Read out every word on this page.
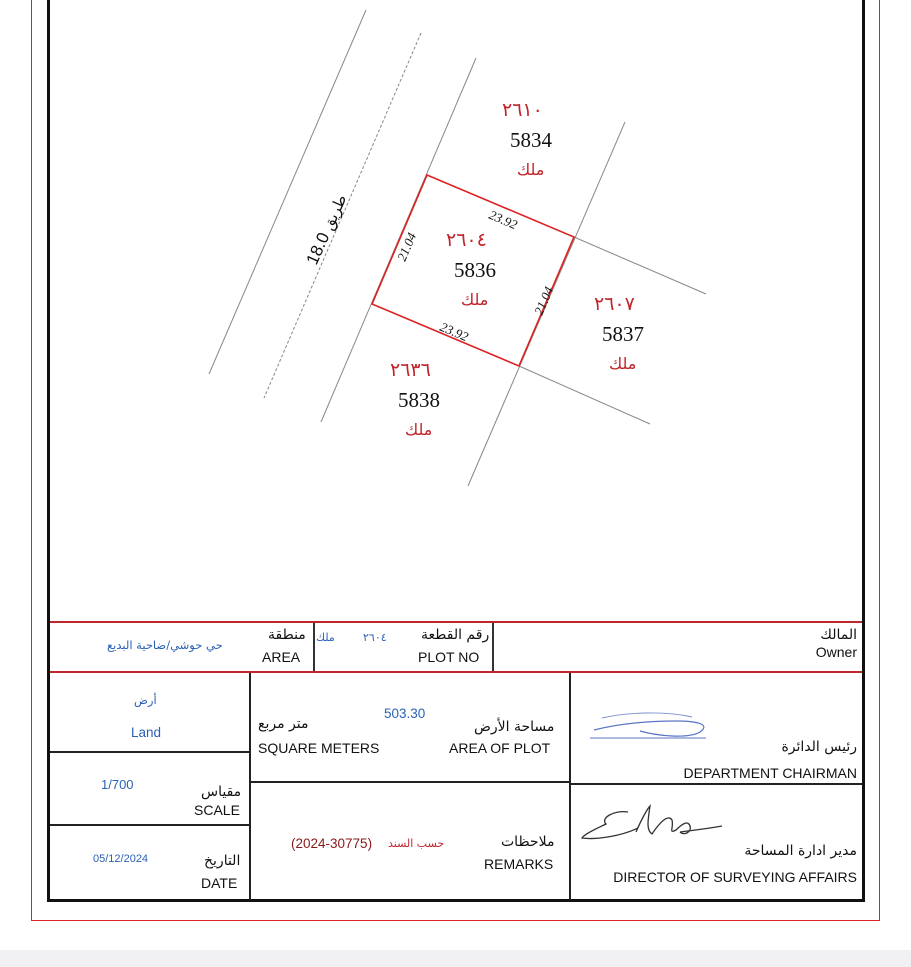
18.0
طريق	23.92
23.92
21.04
21.04
٢٦١٠
5834
ملك
٢٦٠٤
5836
ملك	٢٦٠٧
5837
ملك
٢٦٣٦
5838
ملك
حي حوشي/ضاحية البديع
منطقة
AREA
ملك	٢٦٠٤ رقم القطعة
PLOT NO
المالك
Owner
أرض
Land
1/700	مقياس
SCALE
05/12/2024	التاريخ
DATE
503.30
متر مربع
SQUARE METERS
مساحة الأرض
AREA OF PLOT
(2024-30775) حسب السند	ملاحظات
REMARKS
رئيس الدائرة
DEPARTMENT CHAIRMAN
مدير ادارة المساحة
DIRECTOR OF SURVEYING AFFAIRS
